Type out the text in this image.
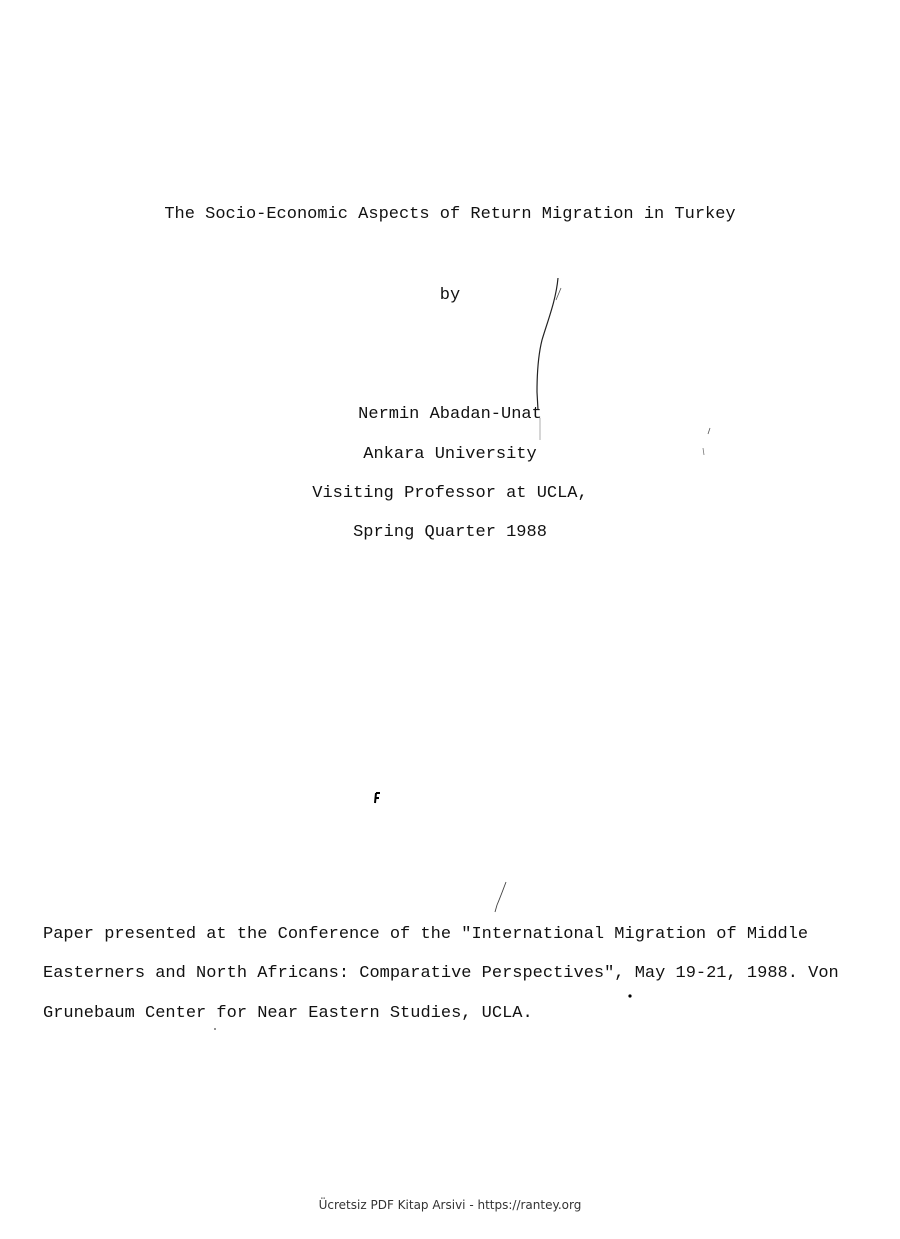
The Socio-Economic Aspects of Return Migration in Turkey
by
Nermin Abadan-Unat
Ankara University
Visiting Professor at UCLA,
Spring Quarter 1988
Paper presented at the Conference of the "International Migration of Middle
Easterners and North Africans: Comparative Perspectives", May 19-21, 1988. Von
Grunebaum Center for Near Eastern Studies, UCLA.
Ücretsiz PDF Kitap Arsivi - https://rantey.org
